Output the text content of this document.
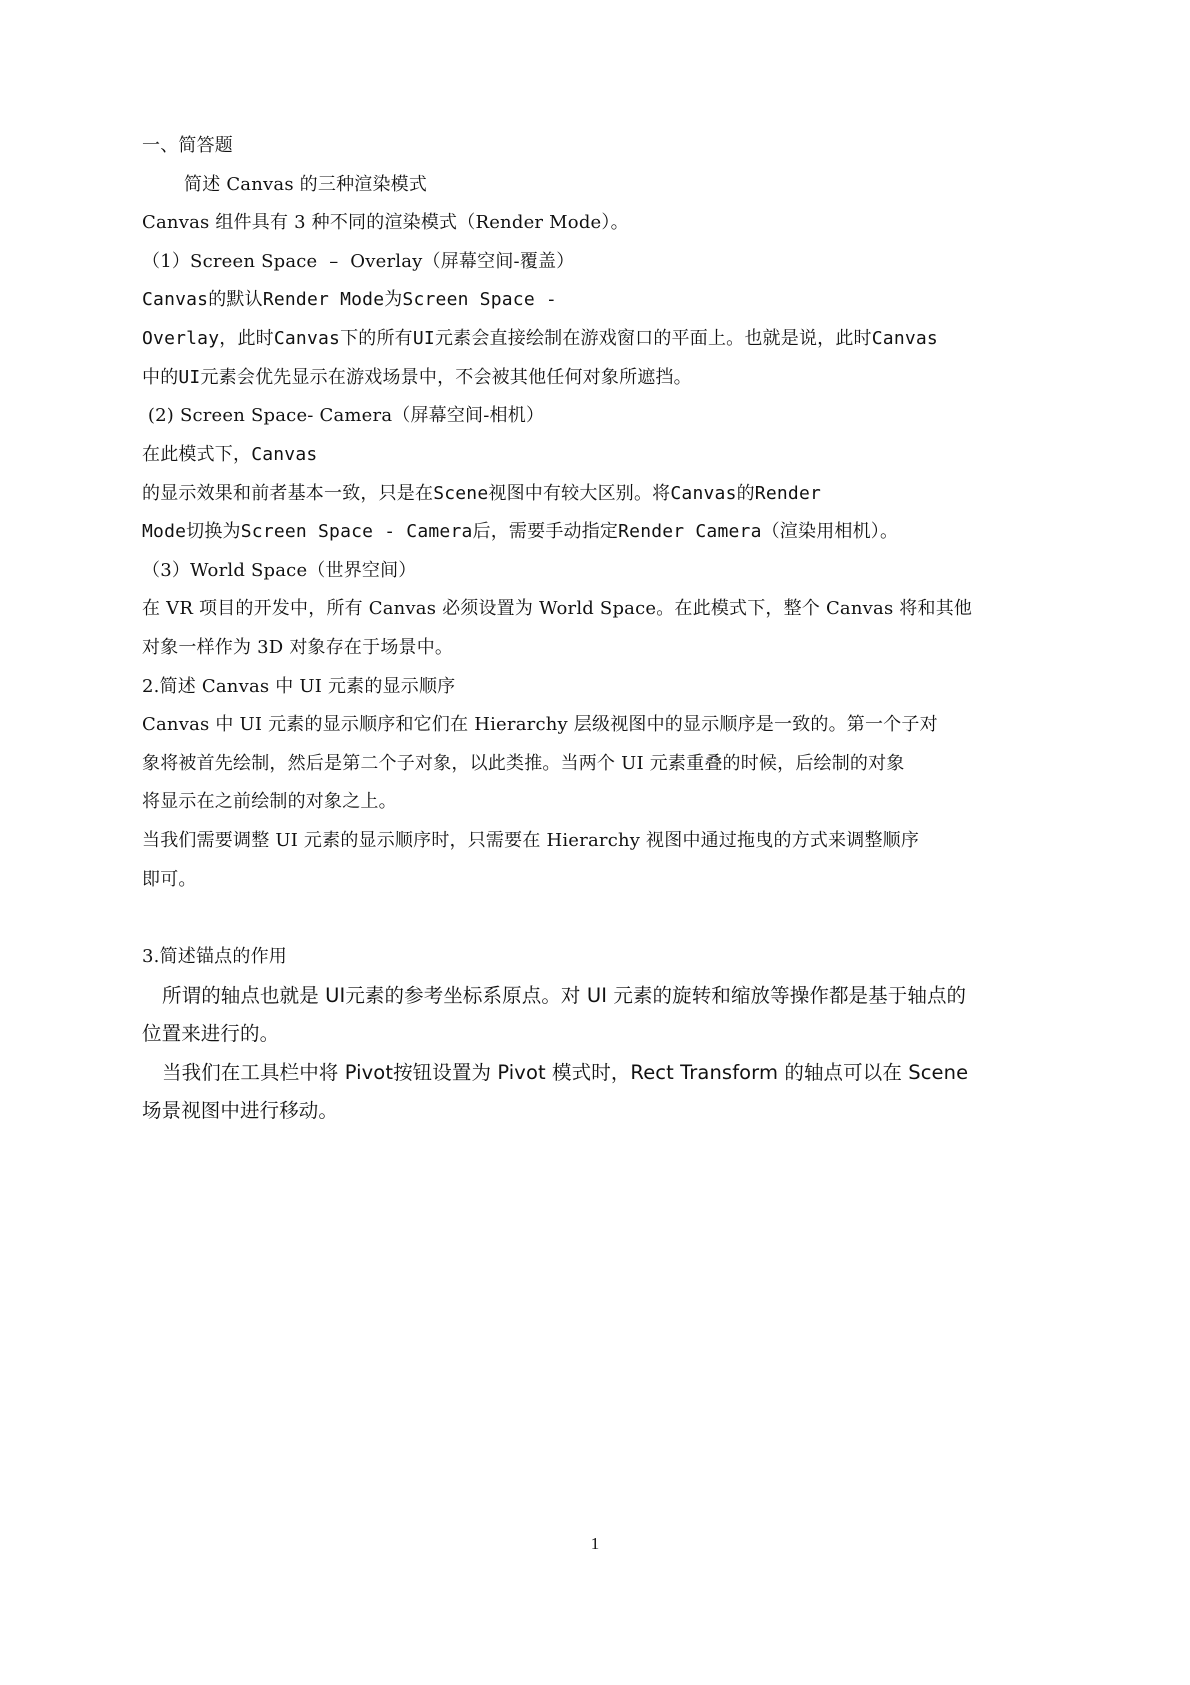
一、简答题
简述 Canvas 的三种渲染模式
Canvas 组件具有 3 种不同的渲染模式（Render Mode）。
（1）Screen Space  –  Overlay（屏幕空间-覆盖）
Canvas的默认Render Mode为Screen Space -
Overlay，此时Canvas下的所有UI元素会直接绘制在游戏窗口的平面上。也就是说，此时Canvas
中的UI元素会优先显示在游戏场景中，不会被其他任何对象所遮挡。
(2) Screen Space- Camera（屏幕空间-相机）
在此模式下，Canvas
的显示效果和前者基本一致，只是在Scene视图中有较大区别。将Canvas的Render
Mode切换为Screen Space - Camera后，需要手动指定Render Camera（渲染用相机）。
（3）World Space（世界空间）
在 VR 项目的开发中，所有 Canvas 必须设置为 World Space。在此模式下，整个 Canvas 将和其他
对象一样作为 3D 对象存在于场景中。
2.简述 Canvas 中 UI 元素的显示顺序
Canvas 中 UI 元素的显示顺序和它们在 Hierarchy 层级视图中的显示顺序是一致的。第一个子对
象将被首先绘制，然后是第二个子对象，以此类推。当两个 UI 元素重叠的时候，后绘制的对象
将显示在之前绘制的对象之上。
当我们需要调整 UI 元素的显示顺序时，只需要在 Hierarchy 视图中通过拖曳的方式来调整顺序
即可。
3.简述锚点的作用
所谓的轴点也就是 UI元素的参考坐标系原点。对 UI 元素的旋转和缩放等操作都是基于轴点的
位置来进行的。
当我们在工具栏中将 Pivot按钮设置为 Pivot 模式时，Rect Transform 的轴点可以在 Scene
场景视图中进行移动。
1
